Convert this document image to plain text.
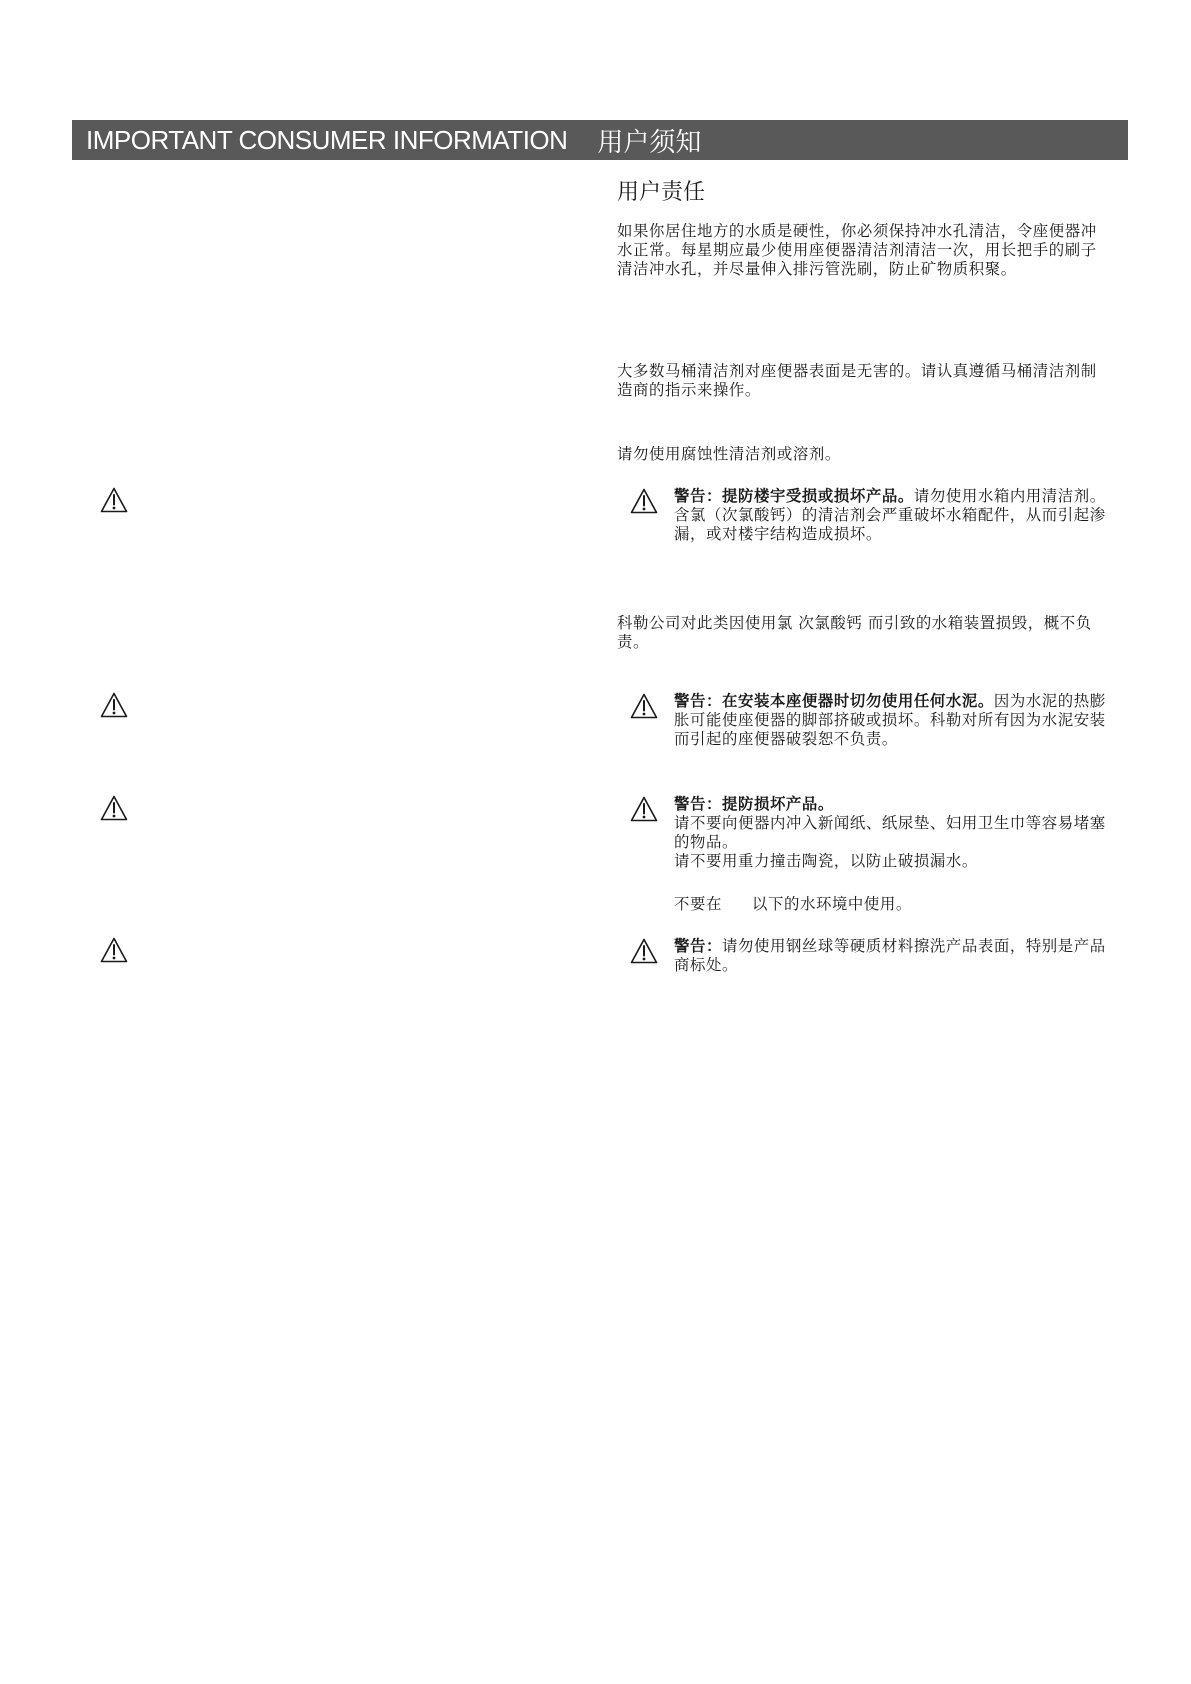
IMPORTANT CONSUMER INFORMATION 用户须知
用户责任

如果你居住地方的水质是硬性，你必须保持冲水孔清洁，令座便器冲水正常。每星期应最少使用座便器清洁剂清洁一次，用长把手的刷子清洁冲水孔，并尽量伸入排污管洗刷，防止矿物质积聚。

大多数马桶清洁剂对座便器表面是无害的。请认真遵循马桶清洁剂制造商的指示来操作。

请勿使用腐蚀性清洁剂或溶剂。

警告：提防楼宇受损或损坏产品。请勿使用水箱内用清洁剂。含氯（次氯酸钙）的清洁剂会严重破坏水箱配件，从而引起渗漏，或对楼宇结构造成损坏。

科勒公司对此类因使用氯 次氯酸钙 而引致的水箱装置损毁，概不负责。

警告：在安装本座便器时切勿使用任何水泥。因为水泥的热膨胀可能使座便器的脚部挤破或损坏。科勒对所有因为水泥安装而引起的座便器破裂恕不负责。

警告：提防损坏产品。
请不要向便器内冲入新闻纸、纸尿垫、妇用卫生巾等容易堵塞的物品。
请不要用重力撞击陶瓷，以防止破损漏水。

不要在 以下的水环境中使用。

警告：请勿使用钢丝球等硬质材料擦洗产品表面，特别是产品商标处。
